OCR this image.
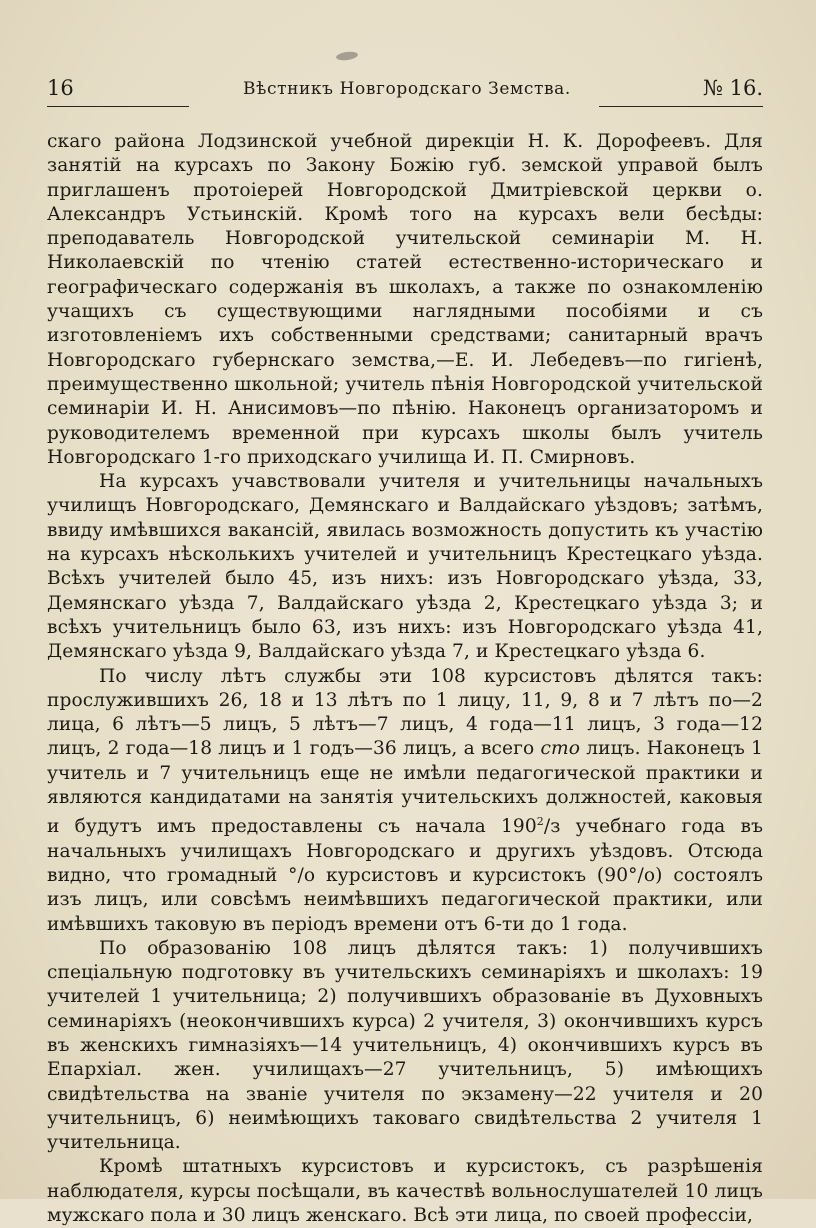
16	Вѣстникъ Новгородскаго Земства.	№ 16.

скаго района Лодзинской учебной дирекціи Н. К. Дорофеевъ. Для занятій на курсахъ по Закону Божію губ. земской управой былъ приглашенъ протоіерей Новгородской Дмитріевской церкви о. Александръ Устьинскій. Кромѣ того на курсахъ вели бесѣды: преподаватель Новгородской учительской семинаріи М. Н. Николаевскій по чтенію статей естественно-историческаго и географическаго содержанія въ школахъ, а также по ознакомленію учащихъ съ существующими наглядными пособіями и съ изготовленіемъ ихъ собственными средствами; санитарный врачъ Новгородскаго губернскаго земства,—Е. И. Лебедевъ—по гигіенѣ, преимущественно школьной; учитель пѣнія Новгородской учительской семинаріи И. Н. Анисимовъ—по пѣнію. Наконецъ организаторомъ и руководителемъ временной при курсахъ школы былъ учитель Новгородскаго 1-го приходскаго училища И. П. Смирновъ.

На курсахъ учавствовали учителя и учительницы начальныхъ училищъ Новгородскаго, Демянскаго и Валдайскаго уѣздовъ; затѣмъ, ввиду имѣвшихся вакансій, явилась возможность допустить къ участію на курсахъ нѣсколькихъ учителей и учительницъ Крестецкаго уѣзда. Всѣхъ учителей было 45, изъ нихъ: изъ Новгородскаго уѣзда, 33, Демянскаго уѣзда 7, Валдайскаго уѣзда 2, Крестецкаго уѣзда 3; и всѣхъ учительницъ было 63, изъ нихъ: изъ Новгородскаго уѣзда 41, Демянскаго уѣзда 9, Валдайскаго уѣзда 7, и Крестецкаго уѣзда 6.

По числу лѣтъ службы эти 108 курсистовъ дѣлятся такъ: прослужившихъ 26, 18 и 13 лѣтъ по 1 лицу, 11, 9, 8 и 7 лѣтъ по—2 лица, 6 лѣтъ—5 лицъ, 5 лѣтъ—7 лицъ, 4 года—11 лицъ, 3 года—12 лицъ, 2 года—18 лицъ и 1 годъ—36 лицъ, а всего сто лицъ. Наконецъ 1 учитель и 7 учительницъ еще не имѣли педагогической практики и являются кандидатами на занятія учительскихъ должностей, каковыя и будутъ имъ предоставлены съ начала $190^2/з$ учебнаго года въ начальныхъ училищахъ Новгородскаго и другихъ уѣздовъ. Отсюда видно, что громадный °/о курсистовъ и курсистокъ (90°/о) состоялъ изъ лицъ, или совсѣмъ неимѣвшихъ педагогической практики, или имѣвшихъ таковую въ періодъ времени отъ 6-ти до 1 года.

По образованію 108 лицъ дѣлятся такъ: 1) получившихъ спеціальную подготовку въ учительскихъ семинаріяхъ и школахъ: 19 учителей 1 учительница; 2) получившихъ образованіе въ Духовныхъ семинаріяхъ (неокончившихъ курса) 2 учителя, 3) окончившихъ курсъ въ женскихъ гимназіяхъ—14 учительницъ, 4) окончившихъ курсъ въ Епархіал. жен. училищахъ—27 учительницъ, 5) имѣющихъ свидѣтельства на званіе учителя по экзамену—22 учителя и 20 учительницъ, 6) неимѣющихъ таковаго свидѣтельства 2 учителя 1 учительница.

Кромѣ штатныхъ курсистовъ и курсистокъ, съ разрѣшенія наблюдателя, курсы посѣщали, въ качествѣ вольнослушателей 10 лицъ мужскаго пола и 30 лицъ женскаго. Всѣ эти лица, по своей профессіи,
